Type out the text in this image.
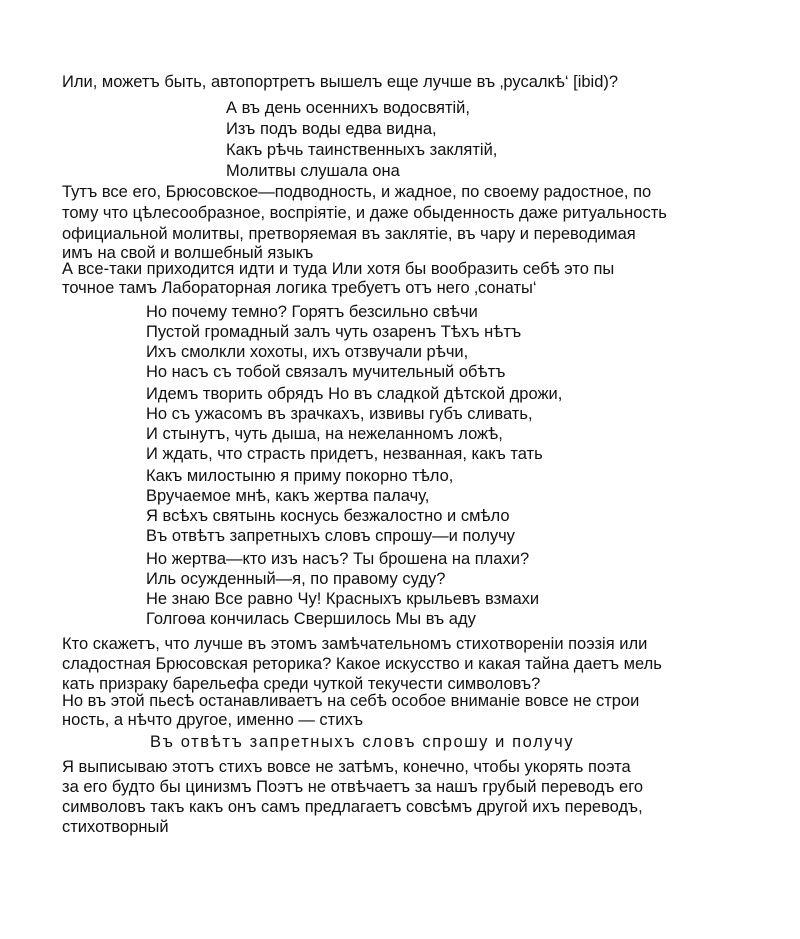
Или, можетъ быть, автопортретъ вышелъ еще лучше въ ‚русалкѣ‘ [ibid)?
А въ день осеннихъ водосвятій,
Изъ подъ воды едва видна,
Какъ рѣчь таинственныхъ заклятій,
Молитвы слушала она
Тутъ все его, Брюсовское—подводность, и жадное, по своему радостное, по
тому что цѣлесообразное, воспріятіе, и даже обыденность даже ритуальность
официальной молитвы, претворяемая въ заклятіе, въ чару и переводимая
имъ на свой и волшебный языкъ
А все-таки приходится идти и туда Или хотя бы вообразить себѣ это пы
точное тамъ Лабораторная логика требуетъ отъ него ‚сонаты‘
Но почему темно? Горятъ безсильно свѣчи
Пустой громадный залъ чуть озаренъ Тѣхъ нѣтъ
Ихъ смолкли хохоты, ихъ отзвучали рѣчи,
Но насъ съ тобой связалъ мучительный обѣтъ
Идемъ творить обрядъ Но въ сладкой дѣтской дрожи,
Но съ ужасомъ въ зрачкахъ, извивы губъ сливать,
И стынутъ, чуть дыша, на нежеланномъ ложѣ,
И ждать, что страсть придетъ, незванная, какъ тать
Какъ милостыню я приму покорно тѣло,
Вручаемое мнѣ, какъ жертва палачу,
Я всѣхъ святынь коснусь безжалостно и смѣло
Въ отвѣтъ запретныхъ словъ спрошу—и получу
Но жертва—кто изъ насъ? Ты брошена на плахи?
Иль осужденный—я, по правому суду?
Не знаю Все равно Чу! Красныхъ крыльевъ взмахи
Голгоѳа кончилась Свершилось Мы въ аду
Кто скажетъ, что лучше въ этомъ замѣчательномъ стихотвореніи поэзія или
сладостная Брюсовская реторика? Какое искусство и какая тайна даетъ мель
кать призраку барельефа среди чуткой текучести символовъ?
Но въ этой пьесѣ останавливаетъ на себѣ особое вниманіе вовсе не строи
ность, а нѣчто другое, именно — стихъ
Въ отвѣтъ запретныхъ словъ спрошу и получу
Я выписываю этотъ стихъ вовсе не затѣмъ, конечно, чтобы укорять поэта
за его будто бы цинизмъ Поэтъ не отвѣчаетъ за нашъ грубый переводъ его
символовъ такъ какъ онъ самъ предлагаетъ совсѣмъ другой ихъ переводъ,
стихотворный
